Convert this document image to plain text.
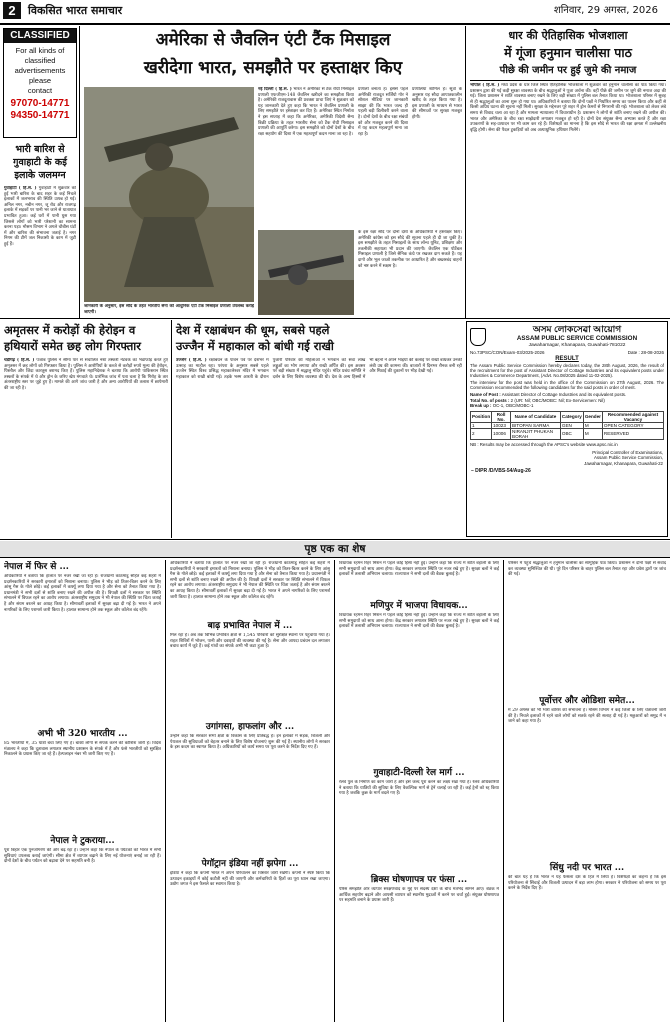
2	विकसित भारत समाचार	शनिवार, 29 अगस्त, 2026
CLASSIFIED
For all kinds of
classified
advertisements
please
contact
97070-14771
94350-14771
भारी बारिश से गुवाहाटी के कई इलाके जलमग्न
गुवाहाटी ( हि.स. ) गुवाहाटी में शुक्रवार को हुई भारी बारिश के बाद शहर के कई निचले इलाकों में जलभराव की स्थिति उत्पन्न हो गई। अनिल नगर, नबीन नगर, जू रोड और राजगढ़ इलाके में सड़कों पर पानी भर जाने से यातायात प्रभावित हुआ। कई घरों में पानी घुस गया जिससे लोगों को भारी परेशानी का सामना करना पड़ा। मौसम विभाग ने अगले चौबीस घंटों में और बारिश की संभावना जताई है। नगर निगम की टीमें जल निकासी के काम में जुटी हुई हैं।
अमेरिका से जैवलिन एंटी टैंक मिसाइल
खरीदेगा भारत, समझौते पर हस्ताक्षर किए
जानकारी के अनुसार, इस सौदे के तहत भारतीय सेना को आधुनिक एंटी टैंक मिसाइल प्रणाली उपलब्ध कराई जाएगी।
नई दिल्ली ( हि.स. ) भारत ने अमेरिका से टैंक रोधी मिसाइल प्रणाली एफजीएम-148 जैवलिन खरीदने का समझौता किया है। अमेरिकी राजदूतावास की प्रवक्ता प्राचा जिएं ने शुक्रवार को यह जानकारी देते हुए कहा कि भारत ने जैवलिन प्रणाली के लिए समझौते पर हस्ताक्षर कर दिए हैं। अमेरिका स्थित निर्माता ने इस सप्ताह में कहा कि अमेरिका, अमेरिकी विदेशी सैन्य बिक्री प्रक्रिया के तहत भारतीय सेना को टैंक रोधी मिसाइल प्रणाली की आपूर्ति करेगा। इस समझौते को दोनों देशों के बीच रक्षा सहयोग की दिशा में एक महत्वपूर्ण कदम माना जा रहा है।
प्रणाली बनाता है। इससे पहले अमेरिकी राजदूत सर्जियो गोर ने सोशल मीडिया पर जानकारी साझा की कि भारत जल्द ही पहली बड़ी डिलीवरी करने वाला है। दोनों देशों के बीच रक्षा संबंधों को और मजबूत करने की दिशा में यह कदम महत्वपूर्ण माना जा रहा है।
प्रणालियां शामिल हैं। सूत्रों के अनुसार यह सौदा आपातकालीन खरीद के तहत किया गया है। इस प्रणाली के माध्यम से भारत की सीमाओं पर सुरक्षा मजबूत होगी।
के इस रक्षा सौदे पर दोनों देशों के अधिकारियों ने हस्ताक्षर किए। अमेरिकी कांग्रेस को इस सौदे की सूचना पहले ही दी जा चुकी है। इस समझौते के तहत मिसाइलों के साथ लॉन्च यूनिट, प्रशिक्षण और तकनीकी सहायता भी प्रदान की जाएगी। जैवलिन एक पोर्टेबल मिसाइल प्रणाली है जिसे सैनिक कंधे पर रखकर दाग सकते हैं। यह दागो और भूल जाओ तकनीक पर आधारित है और बख्तरबंद वाहनों को नष्ट करने में सक्षम है।
धार की ऐतिहासिक भोजशाला
में गूंजा हनुमान चालीसा पाठ
पीछे की जमीन पर हुई जुमे की नमाज
भोपाल ( हि.स. ) मध्य प्रदेश के धार जिले स्थित ऐतिहासिक भोजशाला में शुक्रवार को हनुमान चालीसा का पाठ किया गया। प्रशासन द्वारा की गई कड़ी सुरक्षा व्यवस्था के बीच श्रद्धालुओं ने पूजा अर्चना की। वहीं पीछे की जमीन पर जुमे की नमाज अदा की गई। जिला प्रशासन ने शांति व्यवस्था बनाए रखने के लिए बड़ी संख्या में पुलिस बल तैनात किया था। भोजशाला परिसर में सुबह से ही श्रद्धालुओं का आना शुरू हो गया था। अधिकारियों ने बताया कि दोनों पक्षों ने निर्धारित समय का पालन किया और कहीं से किसी अप्रिय घटना की सूचना नहीं मिली। सुरक्षा के मद्देनजर पूरे शहर में ड्रोन कैमरों से निगरानी की गई। भोजशाला को लेकर लंबे समय से विवाद चला आ रहा है और मामला न्यायालय में विचाराधीन है। प्रशासन ने लोगों से शांति बनाए रखने की अपील की। भारत और अमेरिका के बीच रक्षा साझेदारी लगातार मजबूत हो रही है। दोनों देश संयुक्त सैन्य अभ्यास करते हैं और रक्षा उपकरणों के सह-उत्पादन पर भी काम कर रहे हैं। विशेषज्ञों का मानना है कि इस सौदे से भारत की रक्षा क्षमता में उल्लेखनीय वृद्धि होगी। सेना की पैदल टुकड़ियों को अब अत्याधुनिक हथियार मिलेंगे।
अमृतसर में करोड़ों की हेरोइन व हथियारों समेत छह लोग गिरफ्तार
चंडीगढ़ ( हि.स. ) पंजाब पुलिस ने सीमा पार से संचालित नशा तस्करी नेटवर्क का भंडाफोड़ करते हुए अमृतसर में छह लोगों को गिरफ्तार किया है। पुलिस ने आरोपियों के कब्जे से करोड़ों रुपये मूल्य की हेरोइन, पिस्तौल और जिंदा कारतूस बरामद किए हैं। पुलिस महानिदेशक ने बताया कि आरोपी पाकिस्तान स्थित तस्करों के संपर्क में थे और ड्रोन के जरिए खेप मंगवाते थे। प्रारंभिक जांच में पता चला है कि गिरोह के तार अंतरराष्ट्रीय स्तर पर जुड़े हुए हैं। मामले की आगे जांच जारी है और अन्य आरोपियों की तलाश में छापेमारी की जा रही है।
देश में रक्षाबंधन की धूम, सबसे पहले
उज्जैन में महाकाल को बांधी गई राखी
उज्जैन ( हि.स. ) रक्षाबंधन के पावन पर्व पर देशभर में उत्साह का माहौल रहा। परंपरा के अनुसार सबसे पहले उज्जैन स्थित विश्व प्रसिद्ध महाकालेश्वर मंदिर में भगवान महाकाल को राखी बांधी गई। तड़के भस्म आरती के दौरान पुजारी परिवार की महिलाओं ने भगवान को सवा लाख लड्डुओं का भोग लगाया और राखी अर्पित की। इस अवसर पर बड़ी संख्या में श्रद्धालु मंदिर पहुंचे। मंदिर प्रबंध समिति ने दर्शन के लिए विशेष व्यवस्था की थी। देश के अन्य हिस्सों में भी बहनों ने अपने भाइयों की कलाई पर राखी बांधकर उनकी लंबी उम्र की कामना की। बाजारों में दिनभर रौनक बनी रही और मिठाई की दुकानों पर भीड़ देखी गई।
অসম লোকসেৱা আয়োগ
ASSAM PUBLIC SERVICE COMMISSION
Jawaharnagar, Khanapara, Guwahati-781022
No.73PSC/CON/Exam-03/2025-2026	Date : 28-08-2026
RESULT
The Assam Public Service Commission hereby declares today, the 28th August, 2026, the result of the recruitment for the post of Assistant Director of Cottage Industries and its equivalent posts under Industries & Commerce Department, (Advt. No.08/2025 dated 11-02-2025).
The interview for the post was held in the office of the Commission on 27th August, 2026. The Commission recommended the following candidates for the said posts in order of merit.
Name of Post : Assistant Director of Cottage Industries and its equivalent posts.
Total No. of posts : 2 (UR: Nil; OBC/MOBC: Nil; Ex-Servicemen: Nil)
Break up : OC-1, OBC/MOBC-1
Position	Roll No.	Name of Candidate	Category	Gender	Recommended against Vacancy
1	10023	BITOPAN SARMA	GEN	M	OPEN CATEGORY
2	10006	NIRANJIT PHUKAN BORAH	OBC	M	RESERVED
NB : Results may be accessed through the APSC's website www.apsc.nic.in
Principal Controller of Examinations,
Assam Public Service Commission,
Jawaharnagar, Khanapara, Guwahati-22
– DIPR /D/VBS-54/Aug-26
पृष्ठ एक का शेष
नेपाल में फिर से ...
अधिकारियों ने बताया कि हालात पर नजर रखी जा रही है। राजधानी काठमांडू सहित कई शहरों में प्रदर्शनकारियों ने सरकारी इमारतों को निशाना बनाया। पुलिस ने भीड़ को तितर-बितर करने के लिए आंसू गैस के गोले छोड़े। कई इलाकों में कर्फ्यू लगा दिया गया है और सेना को तैनात किया गया है। प्रधानमंत्री ने सभी दलों से शांति बनाए रखने की अपील की है। विपक्षी दलों ने सरकार पर स्थिति संभालने में विफल रहने का आरोप लगाया। अंतरराष्ट्रीय समुदाय ने भी नेपाल की स्थिति पर चिंता जताई है और संयम बरतने का आग्रह किया है। सीमावर्ती इलाकों में सुरक्षा बढ़ा दी गई है। भारत ने अपने नागरिकों के लिए परामर्श जारी किया है। हालात सामान्य होने तक स्कूल और कॉलेज बंद रहेंगे।
अभी भी 320 भारतीय ...
85 भारतीयों में, 35 यात्री बचा लिए गए हैं। बाकी लोगों से संपर्क करने की कोशिश जारी है। विदेश मंत्रालय ने कहा कि दूतावास लगातार स्थानीय प्रशासन के संपर्क में है और फंसे भारतीयों को सुरक्षित निकालने के प्रयास किए जा रहे हैं। हेल्पलाइन नंबर भी जारी किए गए हैं।
नेपाल ने टुकराया...
पूरा बिहार एक पुनर्जागरण की ओर बढ़ रहा है। उन्होंने कहा कि नेपाल के पर्यटकों को भारत में सभी सुविधाएं उपलब्ध कराई जाएंगी। सीमा क्षेत्र में व्यापार बढ़ाने के लिए नई योजनाएं बनाई जा रही हैं। दोनों देशों के बीच पर्यटन को बढ़ावा देने पर सहमति बनी है।
अधिकारियों ने बताया कि हालात पर नजर रखी जा रही है। राजधानी काठमांडू सहित कई शहरों में प्रदर्शनकारियों ने सरकारी इमारतों को निशाना बनाया। पुलिस ने भीड़ को तितर-बितर करने के लिए आंसू गैस के गोले छोड़े। कई इलाकों में कर्फ्यू लगा दिया गया है और सेना को तैनात किया गया है। प्रधानमंत्री ने सभी दलों से शांति बनाए रखने की अपील की है। विपक्षी दलों ने सरकार पर स्थिति संभालने में विफल रहने का आरोप लगाया। अंतरराष्ट्रीय समुदाय ने भी नेपाल की स्थिति पर चिंता जताई है और संयम बरतने का आग्रह किया है। सीमावर्ती इलाकों में सुरक्षा बढ़ा दी गई है। भारत ने अपने नागरिकों के लिए परामर्श जारी किया है। हालात सामान्य होने तक स्कूल और कॉलेज बंद रहेंगे।
बाढ़ प्रभावित नेपाल में ...
मिल रहा है। अब तक विभिन्न प्रभावित क्षेत्रों से 1,545 परिवारों को सुरक्षित स्थानों पर पहुंचाया गया है। राहत शिविरों में भोजन, पानी और दवाइयों की व्यवस्था की गई है। सेना और आपदा प्रबंधन दल लगातार बचाव कार्य में जुटे हैं। कई गांवों का संपर्क अभी भी कटा हुआ है।
उगांगसा, हाफलांग और ...
उन्होंने कहा कि सरकार सभी क्षेत्रों के विकास के लिए प्रतिबद्ध है। इन इलाकों में सड़क, बिजली और पेयजल की सुविधाओं को बेहतर बनाने के लिए विशेष योजनाएं शुरू की गई हैं। स्थानीय लोगों ने सरकार के इस कदम का स्वागत किया है। अधिकारियों को कार्य समय पर पूरा करने के निर्देश दिए गए हैं।
पेगॉट्रान इंडिया नहीं झपेगा ...
इंडिया ने कहा कि कंपनी भारत में अपने परिचालन का विस्तार जारी रखेगी। कंपनी ने स्पष्ट किया कि उत्पादन इकाइयों में कोई कटौती नहीं की जाएगी और कर्मचारियों के हितों का पूरा ध्यान रखा जाएगा। उद्योग जगत ने इस फैसले का स्वागत किया है।
विधायक रहमन रिहर मिशन में पहले कोई हिंसा नहीं हुई। उन्होंने कहा कि राज्य में शांति बहाली के लिए सभी समुदायों को साथ आना होगा। केंद्र सरकार लगातार स्थिति पर नजर रखे हुए है। सुरक्षा बलों ने कई इलाकों में तलाशी अभियान चलाया। राज्यपाल ने सभी दलों की बैठक बुलाई है।
मणिपुर में भाजपा विधायक...
विधायक रहमन रिहर मिशन में पहले कोई हिंसा नहीं हुई। उन्होंने कहा कि राज्य में शांति बहाली के लिए सभी समुदायों को साथ आना होगा। केंद्र सरकार लगातार स्थिति पर नजर रखे हुए है। सुरक्षा बलों ने कई इलाकों में तलाशी अभियान चलाया। राज्यपाल ने सभी दलों की बैठक बुलाई है।
गुवाहाटी-दिल्ली रेल मार्ग ...
रेलवे पुल के निर्माण का काम जारी है और इसे जल्द पूरा करने का लक्ष्य रखा गया है। रेलवे अधिकारियों ने बताया कि यात्रियों की सुविधा के लिए वैकल्पिक मार्ग से ट्रेनें चलाई जा रही हैं। कई ट्रेनों को रद्द किया गया है जबकि कुछ के मार्ग बदले गए हैं।
ब्रिक्स घोषणापत्र पर फंसा ...
पेरिस समझौते और व्यापार संरक्षणवाद के मुद्दे पर सदस्य देशों के बीच मतभेद सामने आए। बैठक में आर्थिक सहयोग बढ़ाने और आपसी व्यापार को स्थानीय मुद्राओं में करने पर चर्चा हुई। संयुक्त घोषणापत्र पर सहमति बनाने के प्रयास जारी हैं।
परिसर में पहुंचे श्रद्धालुओं ने हनुमान चालीसा का सामूहिक पाठ किया। प्रशासन ने दोनों पक्षों से संवाद कर व्यवस्था सुनिश्चित की थी। पूरे दिन परिसर के बाहर पुलिस बल तैनात रहा और प्रवेश द्वारों पर जांच की गई।
पूर्वोत्तर और ओडिशा समेत...
में 29 अगस्त को भी भारी बारिश की संभावना है। मौसम विभाग ने कई जिलों के लिए चेतावनी जारी की है। निचले इलाकों में रहने वाले लोगों को सतर्क रहने की सलाह दी गई है। मछुआरों को समुद्र में न जाने को कहा गया है।
सिंधु नदी पर भारत ...
की बात यह है कि भारत ने यह फैसला देश के हित में लिया है। विशेषज्ञों का कहना है कि इस परियोजना से सिंचाई और बिजली उत्पादन में बड़ा लाभ होगा। सरकार ने परियोजना को समय पर पूरा करने के निर्देश दिए हैं।
